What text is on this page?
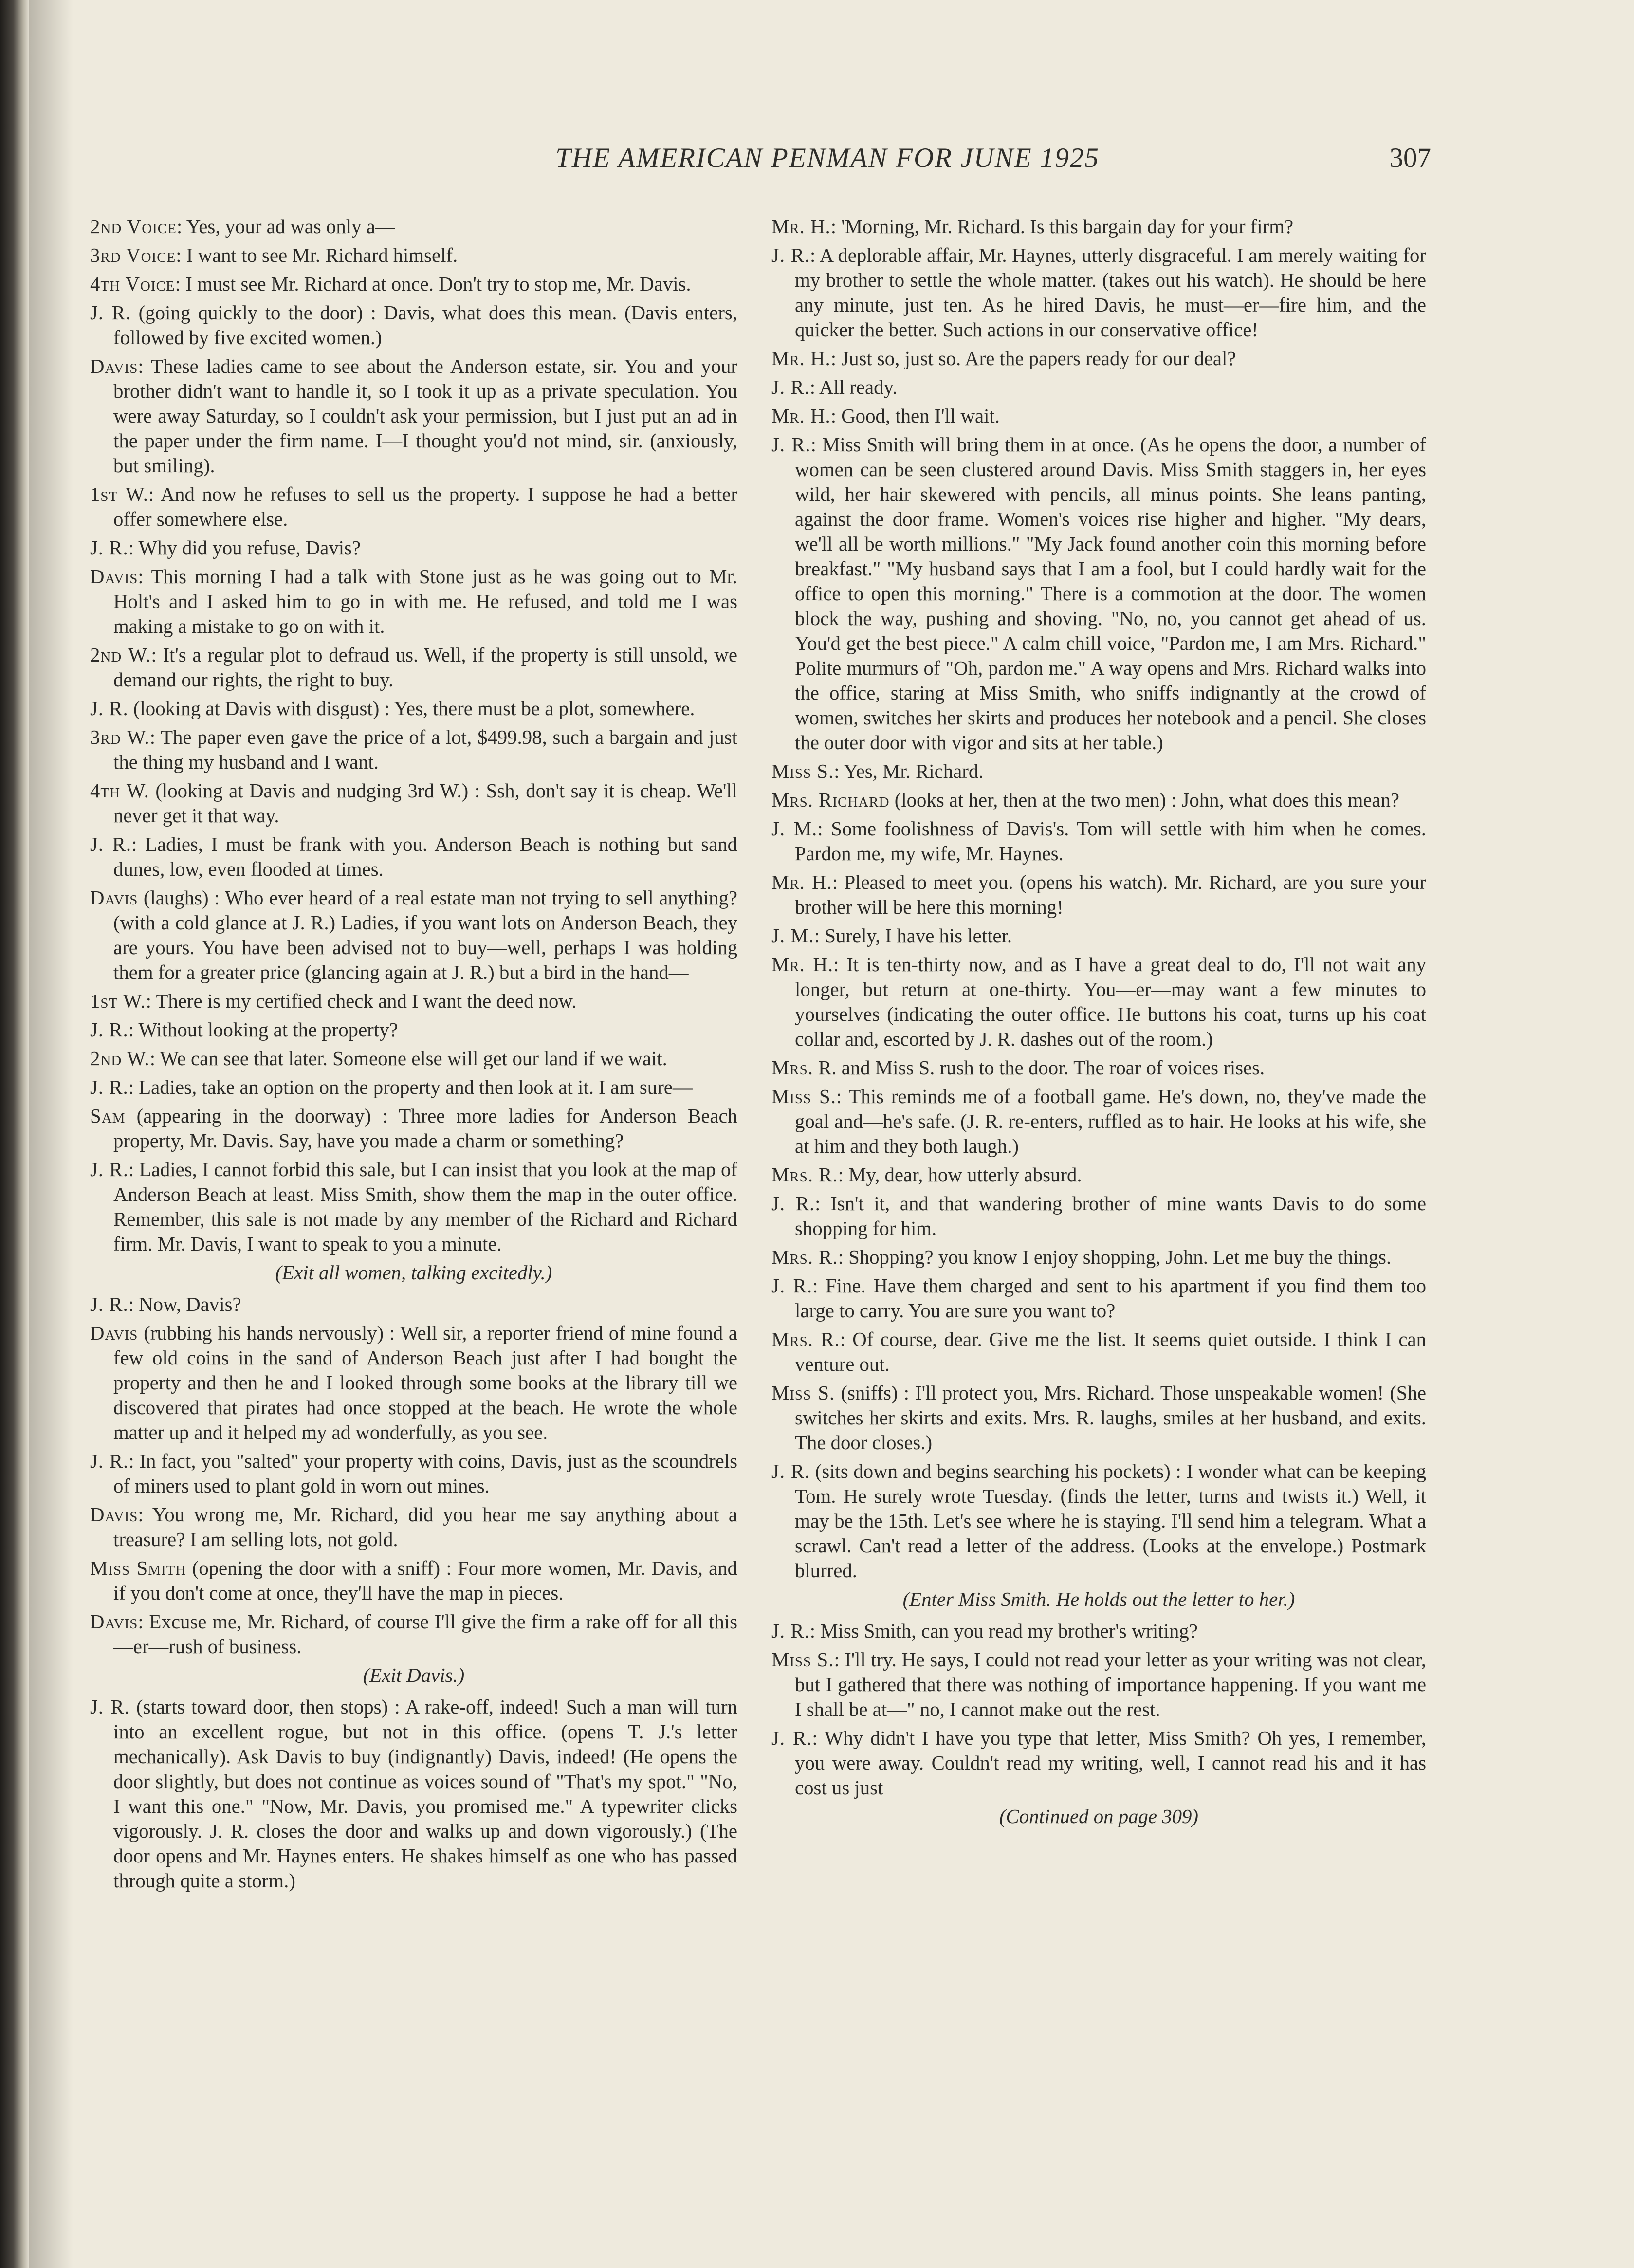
THE AMERICAN PENMAN FOR JUNE 1925	307
2nd Voice: Yes, your ad was only a—
3rd Voice: I want to see Mr. Richard himself.
4th Voice: I must see Mr. Richard at once. Don't try to stop me, Mr. Davis.
J. R. (going quickly to the door) : Davis, what does this mean. (Davis enters, followed by five excited women.)
Davis: These ladies came to see about the Anderson estate, sir. You and your brother didn't want to handle it, so I took it up as a private speculation. You were away Saturday, so I couldn't ask your permission, but I just put an ad in the paper under the firm name. I—I thought you'd not mind, sir. (anxiously, but smiling).
1st W.: And now he refuses to sell us the property. I suppose he had a better offer somewhere else.
J. R.: Why did you refuse, Davis?
Davis: This morning I had a talk with Stone just as he was going out to Mr. Holt's and I asked him to go in with me. He refused, and told me I was making a mistake to go on with it.
2nd W.: It's a regular plot to defraud us. Well, if the property is still unsold, we demand our rights, the right to buy.
J. R. (looking at Davis with disgust) : Yes, there must be a plot, somewhere.
3rd W.: The paper even gave the price of a lot, $499.98, such a bargain and just the thing my husband and I want.
4th W. (looking at Davis and nudging 3rd W.) : Ssh, don't say it is cheap. We'll never get it that way.
J. R.: Ladies, I must be frank with you. Anderson Beach is nothing but sand dunes, low, even flooded at times.
Davis (laughs) : Who ever heard of a real estate man not trying to sell anything? (with a cold glance at J. R.) Ladies, if you want lots on Anderson Beach, they are yours. You have been advised not to buy—well, perhaps I was holding them for a greater price (glancing again at J. R.) but a bird in the hand—
1st W.: There is my certified check and I want the deed now.
J. R.: Without looking at the property?
2nd W.: We can see that later. Someone else will get our land if we wait.
J. R.: Ladies, take an option on the property and then look at it. I am sure—
Sam (appearing in the doorway) : Three more ladies for Anderson Beach property, Mr. Davis. Say, have you made a charm or something?
J. R.: Ladies, I cannot forbid this sale, but I can insist that you look at the map of Anderson Beach at least. Miss Smith, show them the map in the outer office. Remember, this sale is not made by any member of the Richard and Richard firm. Mr. Davis, I want to speak to you a minute.
(Exit all women, talking excitedly.)
J. R.: Now, Davis?
Davis (rubbing his hands nervously) : Well sir, a reporter friend of mine found a few old coins in the sand of Anderson Beach just after I had bought the property and then he and I looked through some books at the library till we discovered that pirates had once stopped at the beach. He wrote the whole matter up and it helped my ad wonderfully, as you see.
J. R.: In fact, you "salted" your property with coins, Davis, just as the scoundrels of miners used to plant gold in worn out mines.
Davis: You wrong me, Mr. Richard, did you hear me say anything about a treasure? I am selling lots, not gold.
Miss Smith (opening the door with a sniff) : Four more women, Mr. Davis, and if you don't come at once, they'll have the map in pieces.
Davis: Excuse me, Mr. Richard, of course I'll give the firm a rake off for all this—er—rush of business.
(Exit Davis.)
J. R. (starts toward door, then stops) : A rake-off, indeed! Such a man will turn into an excellent rogue, but not in this office. (opens T. J.'s letter mechanically). Ask Davis to buy (indignantly) Davis, indeed! (He opens the door slightly, but does not continue as voices sound of "That's my spot." "No, I want this one." "Now, Mr. Davis, you promised me." A typewriter clicks vigorously. J. R. closes the door and walks up and down vigorously.) (The door opens and Mr. Haynes enters. He shakes himself as one who has passed through quite a storm.)
Mr. H.: 'Morning, Mr. Richard. Is this bargain day for your firm?
J. R.: A deplorable affair, Mr. Haynes, utterly disgraceful. I am merely waiting for my brother to settle the whole matter. (takes out his watch). He should be here any minute, just ten. As he hired Davis, he must—er—fire him, and the quicker the better. Such actions in our conservative office!
Mr. H.: Just so, just so. Are the papers ready for our deal?
J. R.: All ready.
Mr. H.: Good, then I'll wait.
J. R.: Miss Smith will bring them in at once. (As he opens the door, a number of women can be seen clustered around Davis. Miss Smith staggers in, her eyes wild, her hair skewered with pencils, all minus points. She leans panting, against the door frame. Women's voices rise higher and higher. "My dears, we'll all be worth millions." "My Jack found another coin this morning before breakfast." "My husband says that I am a fool, but I could hardly wait for the office to open this morning." There is a commotion at the door. The women block the way, pushing and shoving. "No, no, you cannot get ahead of us. You'd get the best piece." A calm chill voice, "Pardon me, I am Mrs. Richard." Polite murmurs of "Oh, pardon me." A way opens and Mrs. Richard walks into the office, staring at Miss Smith, who sniffs indignantly at the crowd of women, switches her skirts and produces her notebook and a pencil. She closes the outer door with vigor and sits at her table.)
Miss S.: Yes, Mr. Richard.
Mrs. Richard (looks at her, then at the two men) : John, what does this mean?
J. M.: Some foolishness of Davis's. Tom will settle with him when he comes. Pardon me, my wife, Mr. Haynes.
Mr. H.: Pleased to meet you. (opens his watch). Mr. Richard, are you sure your brother will be here this morning!
J. M.: Surely, I have his letter.
Mr. H.: It is ten-thirty now, and as I have a great deal to do, I'll not wait any longer, but return at one-thirty. You—er—may want a few minutes to yourselves (indicating the outer office. He buttons his coat, turns up his coat collar and, escorted by J. R. dashes out of the room.)
Mrs. R. and Miss S. rush to the door. The roar of voices rises.
Miss S.: This reminds me of a football game. He's down, no, they've made the goal and—he's safe. (J. R. re-enters, ruffled as to hair. He looks at his wife, she at him and they both laugh.)
Mrs. R.: My, dear, how utterly absurd.
J. R.: Isn't it, and that wandering brother of mine wants Davis to do some shopping for him.
Mrs. R.: Shopping? you know I enjoy shopping, John. Let me buy the things.
J. R.: Fine. Have them charged and sent to his apartment if you find them too large to carry. You are sure you want to?
Mrs. R.: Of course, dear. Give me the list. It seems quiet outside. I think I can venture out.
Miss S. (sniffs) : I'll protect you, Mrs. Richard. Those unspeakable women! (She switches her skirts and exits. Mrs. R. laughs, smiles at her husband, and exits. The door closes.)
J. R. (sits down and begins searching his pockets) : I wonder what can be keeping Tom. He surely wrote Tuesday. (finds the letter, turns and twists it.) Well, it may be the 15th. Let's see where he is staying. I'll send him a telegram. What a scrawl. Can't read a letter of the address. (Looks at the envelope.) Postmark blurred.
(Enter Miss Smith. He holds out the letter to her.)
J. R.: Miss Smith, can you read my brother's writing?
Miss S.: I'll try. He says, I could not read your letter as your writing was not clear, but I gathered that there was nothing of importance happening. If you want me I shall be at—" no, I cannot make out the rest.
J. R.: Why didn't I have you type that letter, Miss Smith? Oh yes, I remember, you were away. Couldn't read my writing, well, I cannot read his and it has cost us just
(Continued on page 309)
